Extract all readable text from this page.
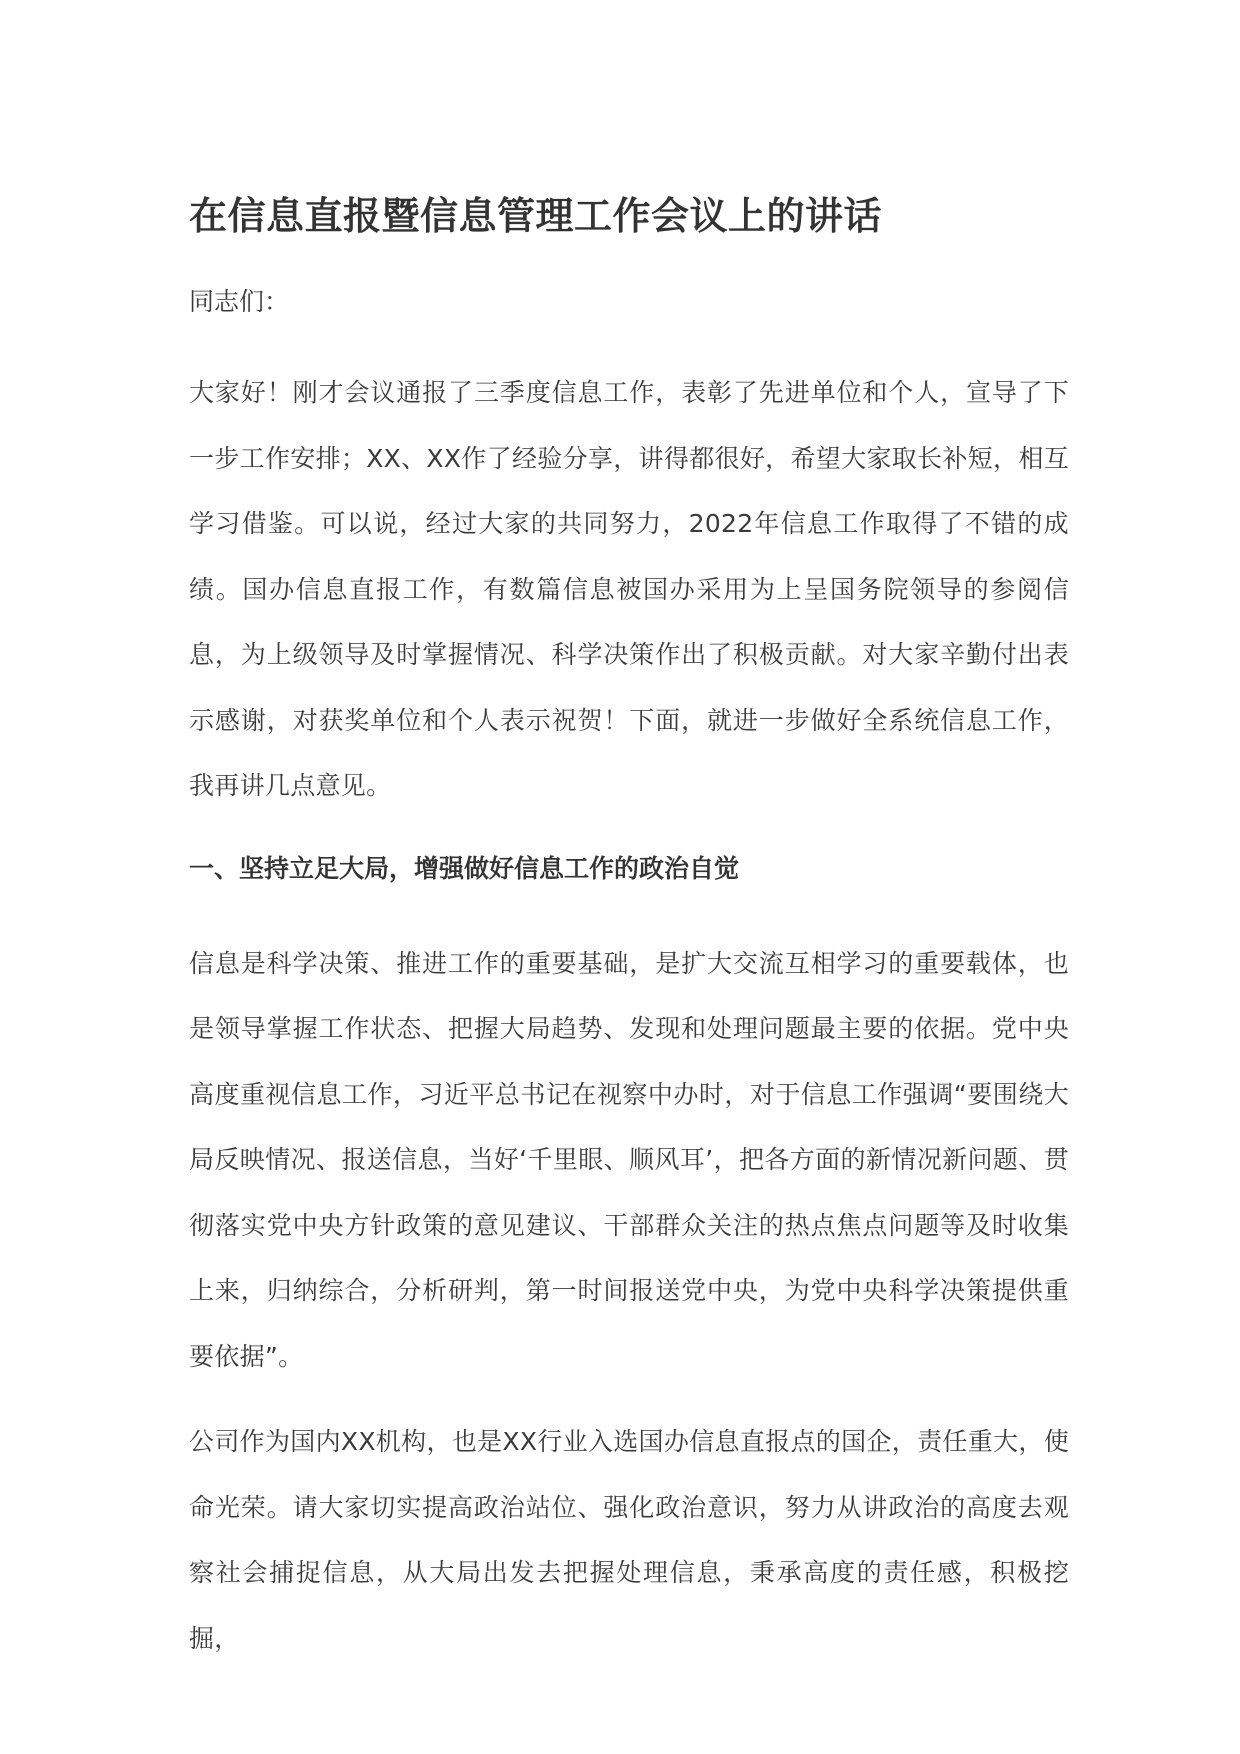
在信息直报暨信息管理工作会议上的讲话

同志们：

大家好！刚才会议通报了三季度信息工作，表彰了先进单位和个人，宣导了下一步工作安排；XX、XX作了经验分享，讲得都很好，希望大家取长补短，相互学习借鉴。可以说，经过大家的共同努力，2022年信息工作取得了不错的成绩。国办信息直报工作，有数篇信息被国办采用为上呈国务院领导的参阅信息，为上级领导及时掌握情况、科学决策作出了积极贡献。对大家辛勤付出表示感谢，对获奖单位和个人表示祝贺！下面，就进一步做好全系统信息工作，我再讲几点意见。

一、坚持立足大局，增强做好信息工作的政治自觉

信息是科学决策、推进工作的重要基础，是扩大交流互相学习的重要载体，也是领导掌握工作状态、把握大局趋势、发现和处理问题最主要的依据。党中央高度重视信息工作，习近平总书记在视察中办时，对于信息工作强调“要围绕大局反映情况、报送信息，当好‘千里眼、顺风耳’，把各方面的新情况新问题、贯彻落实党中央方针政策的意见建议、干部群众关注的热点焦点问题等及时收集上来，归纳综合，分析研判，第一时间报送党中央，为党中央科学决策提供重要依据”。

公司作为国内XX机构，也是XX行业入选国办信息直报点的国企，责任重大，使命光荣。请大家切实提高政治站位、强化政治意识，努力从讲政治的高度去观察社会捕捉信息，从大局出发去把握处理信息，秉承高度的责任感，积极挖掘，
